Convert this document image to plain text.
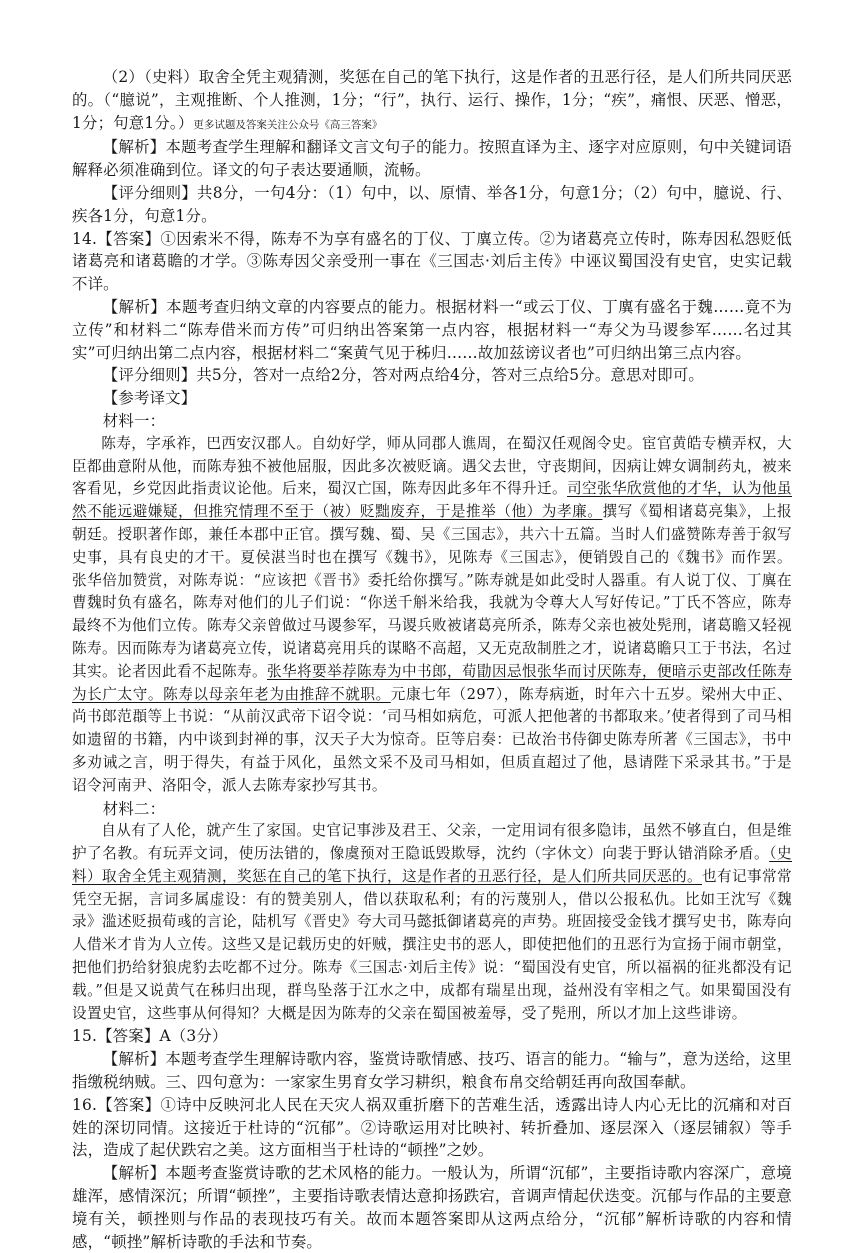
（2）（史料）取舍全凭主观猜测，奖惩在自己的笔下执行，这是作者的丑恶行径，是人们所共同厌恶的。（“臆说”，主观推断、个人推测，1分；“行”，执行、运行、操作，1分；“疾”，痛恨、厌恶、憎恶，1分；句意1分。）更多试题及答案关注公众号《高三答案》

【解析】本题考查学生理解和翻译文言文句子的能力。按照直译为主、逐字对应原则，句中关键词语解释必须准确到位。译文的句子表达要通顺，流畅。

【评分细则】共8分，一句4分：（1）句中，以、原情、举各1分，句意1分；（2）句中，臆说、行、疾各1分，句意1分。

14.【答案】①因索米不得，陈寿不为享有盛名的丁仪、丁廙立传。②为诸葛亮立传时，陈寿因私怨贬低诸葛亮和诸葛瞻的才学。③陈寿因父亲受刑一事在《三国志·刘后主传》中诬议蜀国没有史官，史实记载不详。

【解析】本题考查归纳文章的内容要点的能力。根据材料一“或云丁仪、丁廙有盛名于魏……竟不为立传”和材料二“陈寿借米而方传”可归纳出答案第一点内容，根据材料一“寿父为马谡参军……名过其实”可归纳出第二点内容，根据材料二“案黄气见于秭归……故加兹谤议者也”可归纳出第三点内容。

【评分细则】共5分，答对一点给2分，答对两点给4分，答对三点给5分。意思对即可。

【参考译文】

材料一：

陈寿，字承祚，巴西安汉郡人。自幼好学，师从同郡人谯周，在蜀汉任观阁令史。宦官黄皓专横弄权，大臣都曲意附从他，而陈寿独不被他屈服，因此多次被贬谪。遇父去世，守丧期间，因病让婢女调制药丸，被来客看见，乡党因此指责议论他。后来，蜀汉亡国，陈寿因此多年不得升迁。司空张华欣赏他的才华，认为他虽然不能远避嫌疑，但推究情理不至于（被）贬黜废弃，于是推举（他）为孝廉。撰写《蜀相诸葛亮集》，上报朝廷。授职著作郎，兼任本郡中正官。撰写魏、蜀、吴《三国志》，共六十五篇。当时人们盛赞陈寿善于叙写史事，具有良史的才干。夏侯湛当时也在撰写《魏书》，见陈寿《三国志》，便销毁自己的《魏书》而作罢。张华倍加赞赏，对陈寿说：“应该把《晋书》委托给你撰写。”陈寿就是如此受时人器重。有人说丁仪、丁廙在曹魏时负有盛名，陈寿对他们的儿子们说：“你送千斛米给我，我就为令尊大人写好传记。”丁氏不答应，陈寿最终不为他们立传。陈寿父亲曾做过马谡参军，马谡兵败被诸葛亮所杀，陈寿父亲也被处髡刑，诸葛瞻又轻视陈寿。因而陈寿为诸葛亮立传，说诸葛亮用兵的谋略不高超，又无克敌制胜之才，说诸葛瞻只工于书法，名过其实。论者因此看不起陈寿。张华将要举荐陈寿为中书郎，荀勖因忌恨张华而讨厌陈寿，便暗示吏部改任陈寿为长广太守。陈寿以母亲年老为由推辞不就职。元康七年（297），陈寿病逝，时年六十五岁。梁州大中正、尚书郎范頵等上书说：“从前汉武帝下诏令说：‘司马相如病危，可派人把他著的书都取来。’使者得到了司马相如遗留的书籍，内中谈到封禅的事，汉天子大为惊奇。臣等启奏：已故治书侍御史陈寿所著《三国志》，书中多劝诫之言，明于得失，有益于风化，虽然文采不及司马相如，但质直超过了他，恳请陛下采录其书。”于是诏令河南尹、洛阳令，派人去陈寿家抄写其书。

材料二：

自从有了人伦，就产生了家国。史官记事涉及君王、父亲，一定用词有很多隐讳，虽然不够直白，但是维护了名教。有玩弄文词，使历法错的，像虞预对王隐诋毁欺辱，沈约（字休文）向裴于野认错消除矛盾。（史料）取舍全凭主观猜测，奖惩在自己的笔下执行，这是作者的丑恶行径，是人们所共同厌恶的。也有记事常常凭空无据，言词多属虚设：有的赞美别人，借以获取私利；有的污蔑别人，借以公报私仇。比如王沈写《魏录》滥述贬损荀彧的言论，陆机写《晋史》夸大司马懿抵御诸葛亮的声势。班固接受金钱才撰写史书，陈寿向人借米才肯为人立传。这些又是记载历史的奸贼，撰注史书的恶人，即使把他们的丑恶行为宣扬于闹市朝堂，把他们扔给豺狼虎豹去吃都不过分。陈寿《三国志·刘后主传》说：“蜀国没有史官，所以福祸的征兆都没有记载。”但是又说黄气在秭归出现，群鸟坠落于江水之中，成都有瑞星出现，益州没有宰相之气。如果蜀国没有设置史官，这些事从何得知？大概是因为陈寿的父亲在蜀国被羞辱，受了髡刑，所以才加上这些诽谤。

15.【答案】A（3分）

【解析】本题考查学生理解诗歌内容，鉴赏诗歌情感、技巧、语言的能力。“输与”，意为送给，这里指缴税纳贼。三、四句意为：一家家生男育女学习耕织，粮食布帛交给朝廷再向敌国奉献。

16.【答案】①诗中反映河北人民在天灾人祸双重折磨下的苦难生活，透露出诗人内心无比的沉痛和对百姓的深切同情。这接近于杜诗的“沉郁”。②诗歌运用对比映衬、转折叠加、逐层深入（逐层铺叙）等手法，造成了起伏跌宕之美。这方面相当于杜诗的“顿挫”之妙。

【解析】本题考查鉴赏诗歌的艺术风格的能力。一般认为，所谓“沉郁”，主要指诗歌内容深广，意境雄浑，感情深沉；所谓“顿挫”，主要指诗歌表情达意抑扬跌宕，音调声情起伏迭变。沉郁与作品的主要意境有关，顿挫则与作品的表现技巧有关。故而本题答案即从这两点给分，“沉郁”解析诗歌的内容和情感，“顿挫”解析诗歌的手法和节奏。
